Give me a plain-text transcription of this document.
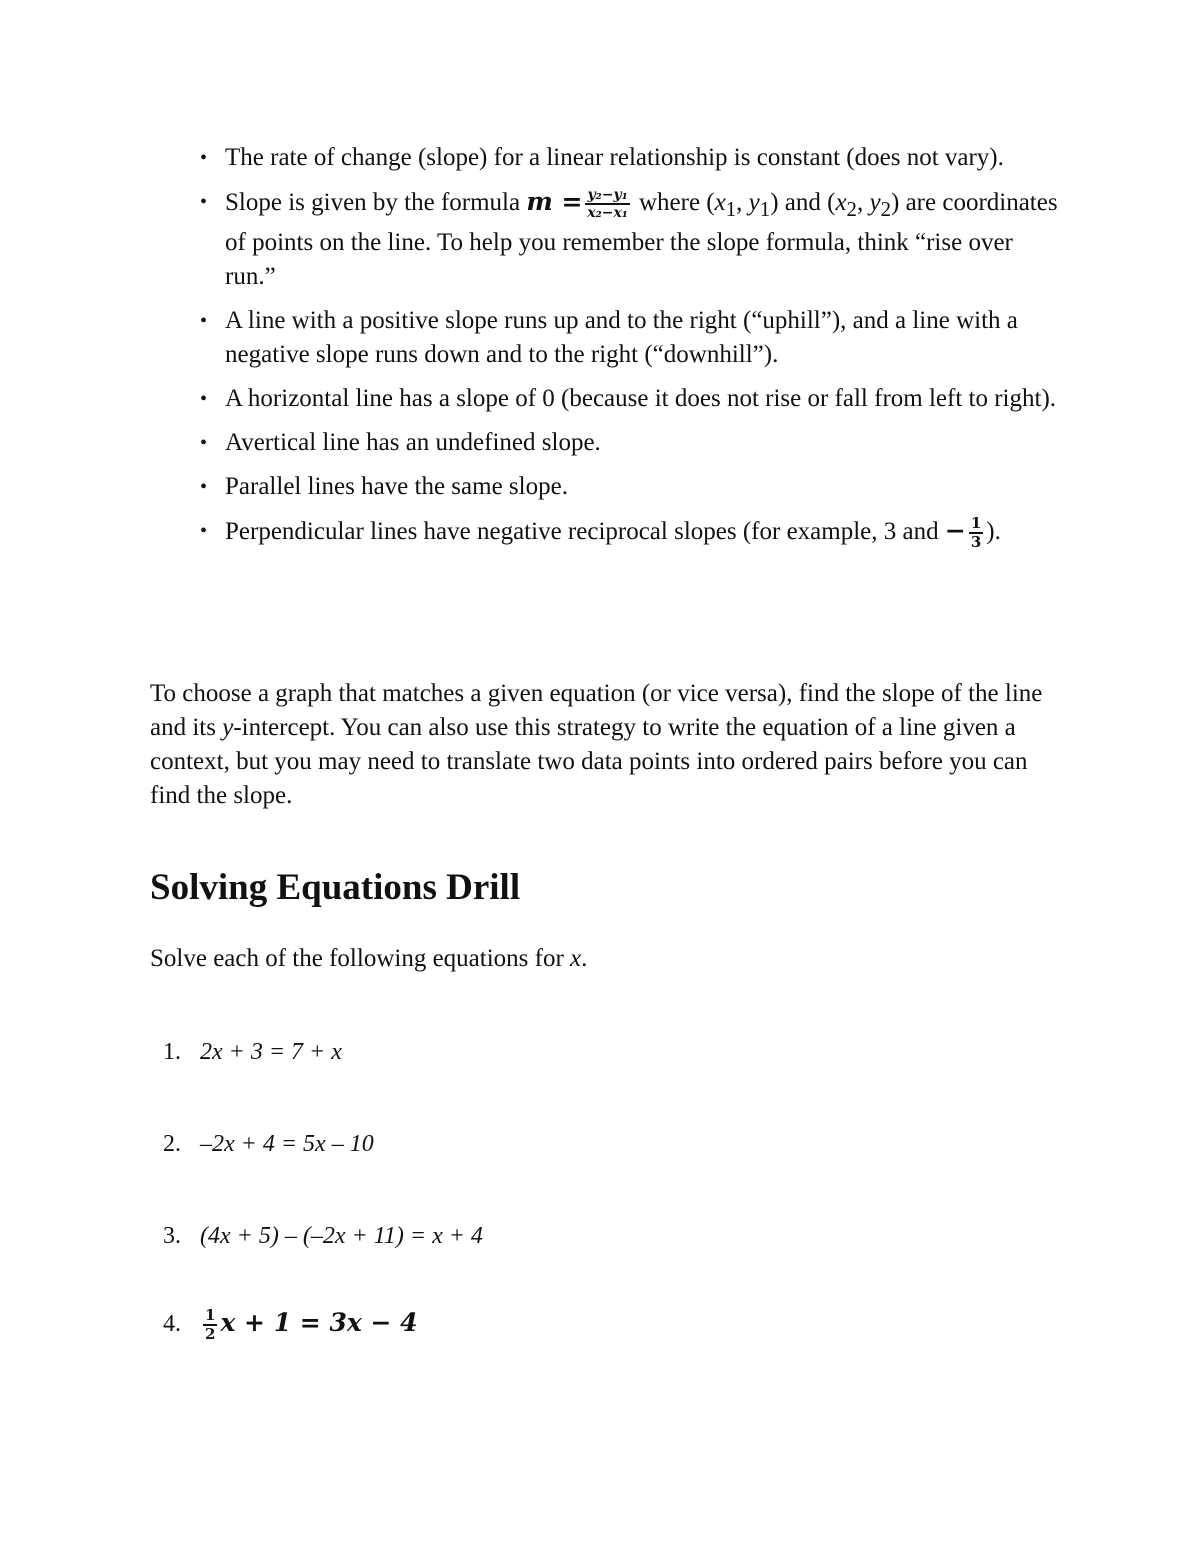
• The rate of change (slope) for a linear relationship is constant (does not vary).
• Slope is given by the formula $m = \frac{\text{y₂−y₁}}{\text{x₂−x₁}}$ where ($x_1$, $y_1$) and ($x_2$, $y_2$) are coordinates of points on the line. To help you remember the slope formula, think “rise over run.”
• A line with a positive slope runs up and to the right (“uphill”), and a line with a negative slope runs down and to the right (“downhill”).
• A horizontal line has a slope of 0 (because it does not rise or fall from left to right).
• Avertical line has an undefined slope.
• Parallel lines have the same slope.
• Perpendicular lines have negative reciprocal slopes (for example, 3 and − $\frac{1}{3}$ ).

To choose a graph that matches a given equation (or vice versa), find the slope of the line and its y-intercept. You can also use this strategy to write the equation of a line given a context, but you may need to translate two data points into ordered pairs before you can find the slope.

Solving Equations Drill

Solve each of the following equations for x.

1. 2x + 3 = 7 + x

2. –2x + 4 = 5x – 10

3. (4x + 5) – (–2x + 11) = x + 4

4. $\frac{1}{2}$ x + 1 = 3x − 4
